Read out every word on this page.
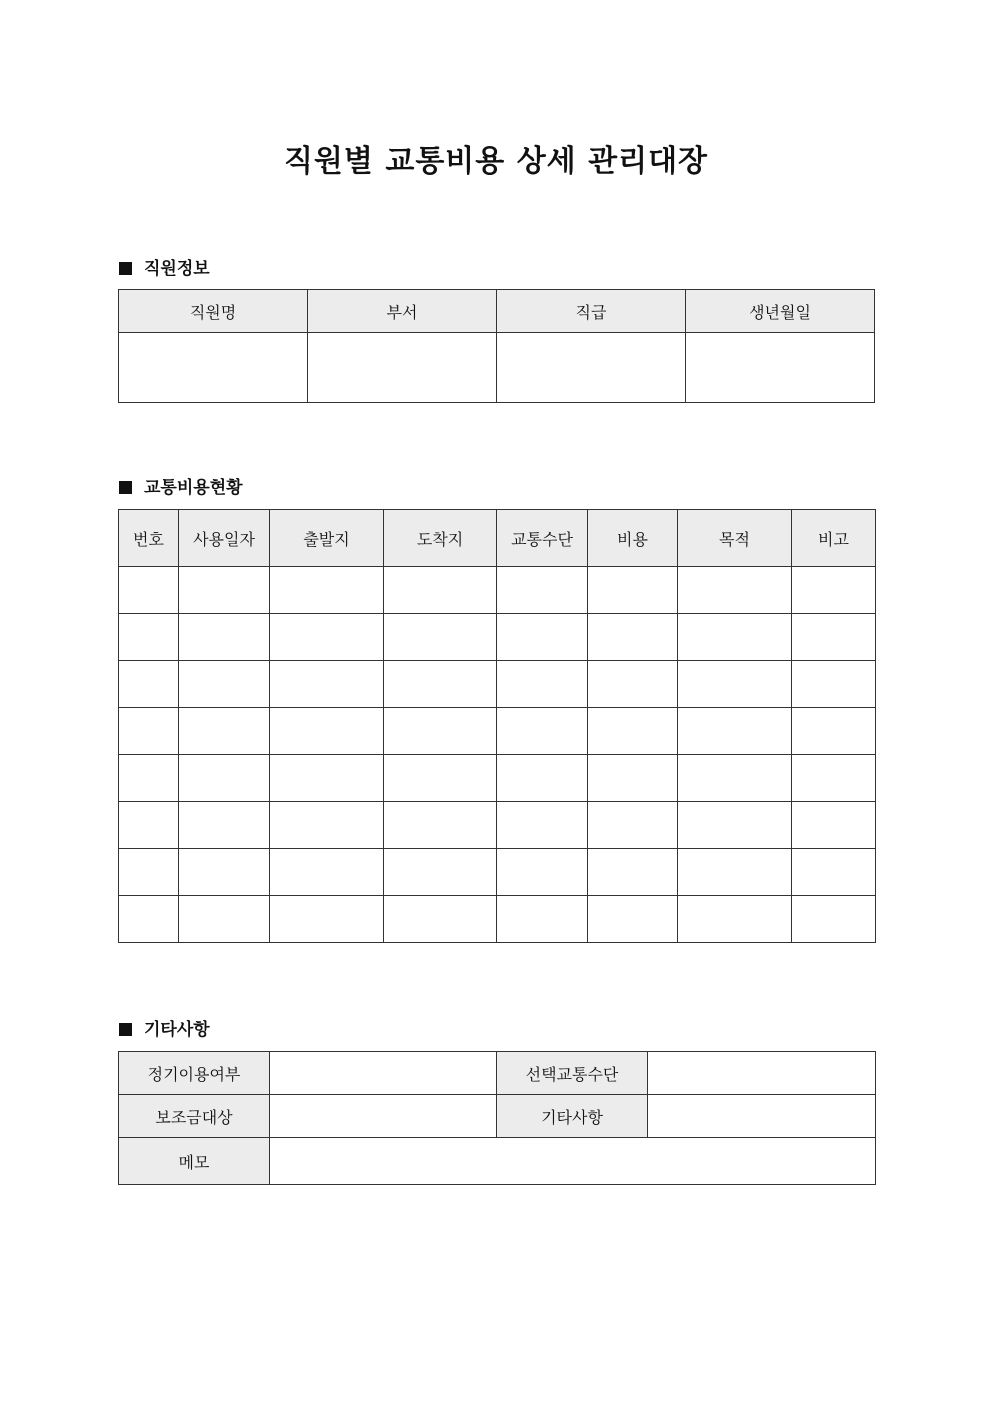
직원별 교통비용 상세 관리대장
직원정보
직원명	부서	직급	생년월일

교통비용현황
번호	사용일자	출발지	도착지	교통수단	비용	목적	비고

기타사항
정기이용여부		선택교통수단	
보조금대상		기타사항	
메모			
